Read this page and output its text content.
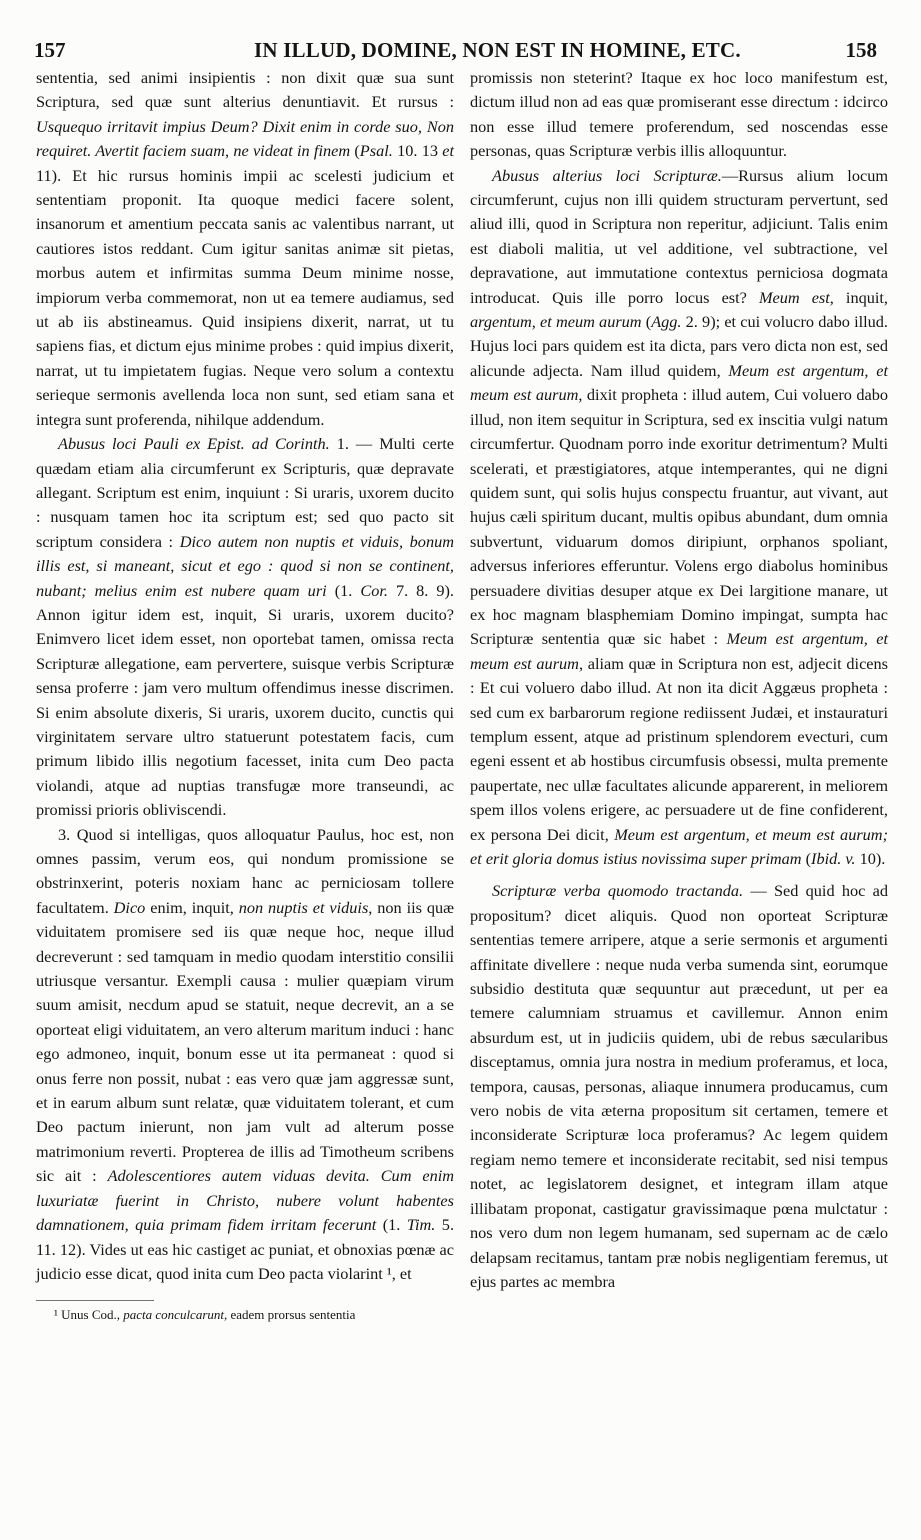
157	IN ILLUD, DOMINE, NON EST IN HOMINE, ETC.	158

sententia, sed animi insipientis : non dixit quæ sua sunt Scriptura, sed quæ sunt alterius denuntiavit. Et rursus : Usquequo irritavit impius Deum? Dixit enim in corde suo, Non requiret. Avertit faciem suam, ne videat in finem (Psal. 10. 13 et 11). Et hic rursus hominis impii ac scelesti judicium et sententiam proponit. Ita quoque medici facere solent, insanorum et amentium peccata sanis ac valentibus narrant, ut cautiores istos reddant. Cum igitur sanitas animæ sit pietas, morbus autem et infirmitas summa Deum minime nosse, impiorum verba commemorat, non ut ea temere audiamus, sed ut ab iis abstineamus. Quid insipiens dixerit, narrat, ut tu sapiens fias, et dictum ejus minime probes : quid impius dixerit, narrat, ut tu impietatem fugias. Neque vero solum a contextu serieque sermonis avellenda loca non sunt, sed etiam sana et integra sunt proferenda, nihilque addendum.

Abusus loci Pauli ex Epist. ad Corinth. 1. — Multi certe quædam etiam alia circumferunt ex Scripturis, quæ depravate allegant. Scriptum est enim, inquiunt : Si uraris, uxorem ducito : nusquam tamen hoc ita scriptum est; sed quo pacto sit scriptum considera : Dico autem non nuptis et viduis, bonum illis est, si maneant, sicut et ego : quod si non se continent, nubant; melius enim est nubere quam uri (1. Cor. 7. 8. 9). Annon igitur idem est, inquit, Si uraris, uxorem ducito? Enimvero licet idem esset, non oportebat tamen, omissa recta Scripturæ allegatione, eam pervertere, suisque verbis Scripturæ sensa proferre : jam vero multum offendimus inesse discrimen. Si enim absolute dixeris, Si uraris, uxorem ducito, cunctis qui virginitatem servare ultro statuerunt potestatem facis, cum primum libido illis negotium facesset, inita cum Deo pacta violandi, atque ad nuptias transfugæ more transeundi, ac promissi prioris obliviscendi.

3. Quod si intelligas, quos alloquatur Paulus, hoc est, non omnes passim, verum eos, qui nondum promissione se obstrinxerint, poteris noxiam hanc ac perniciosam tollere facultatem. Dico enim, inquit, non nuptis et viduis, non iis quæ viduitatem promisere sed iis quæ neque hoc, neque illud decreverunt : sed tamquam in medio quodam interstitio consilii utriusque versantur. Exempli causa : mulier quæpiam virum suum amisit, necdum apud se statuit, neque decrevit, an a se oporteat eligi viduitatem, an vero alterum maritum induci : hanc ego admoneo, inquit, bonum esse ut ita permaneat : quod si onus ferre non possit, nubat : eas vero quæ jam aggressæ sunt, et in earum album sunt relatæ, quæ viduitatem tolerant, et cum Deo pactum inierunt, non jam vult ad alterum posse matrimonium reverti. Propterea de illis ad Timotheum scribens sic ait : Adolescentiores autem viduas devita. Cum enim luxuriatæ fuerint in Christo, nubere volunt habentes damnationem, quia primam fidem irritam fecerunt (1. Tim. 5. 11. 12). Vides ut eas hic castiget ac puniat, et obnoxias pœnæ ac judicio esse dicat, quod inita cum Deo pacta violarint ¹, et

¹ Unus Cod., pacta conculcarunt, eadem prorsus sententia

promissis non steterint? Itaque ex hoc loco manifestum est, dictum illud non ad eas quæ promiserant esse directum : idcirco non esse illud temere proferendum, sed noscendas esse personas, quas Scripturæ verbis illis alloquuntur.

Abusus alterius loci Scripturæ.—Rursus alium locum circumferunt, cujus non illi quidem structuram pervertunt, sed aliud illi, quod in Scriptura non reperitur, adjiciunt. Talis enim est diaboli malitia, ut vel additione, vel subtractione, vel depravatione, aut immutatione contextus perniciosa dogmata introducat. Quis ille porro locus est? Meum est, inquit, argentum, et meum aurum (Agg. 2. 9); et cui volucro dabo illud. Hujus loci pars quidem est ita dicta, pars vero dicta non est, sed alicunde adjecta. Nam illud quidem, Meum est argentum, et meum est aurum, dixit propheta : illud autem, Cui voluero dabo illud, non item sequitur in Scriptura, sed ex inscitia vulgi natum circumfertur. Quodnam porro inde exoritur detrimentum? Multi scelerati, et præstigiatores, atque intemperantes, qui ne digni quidem sunt, qui solis hujus conspectu fruantur, aut vivant, aut hujus cæli spiritum ducant, multis opibus abundant, dum omnia subvertunt, viduarum domos diripiunt, orphanos spoliant, adversus inferiores efferuntur. Volens ergo diabolus hominibus persuadere divitias desuper atque ex Dei largitione manare, ut ex hoc magnam blasphemiam Domino impingat, sumpta hac Scripturæ sententia quæ sic habet : Meum est argentum, et meum est aurum, aliam quæ in Scriptura non est, adjecit dicens : Et cui voluero dabo illud. At non ita dicit Aggæus propheta : sed cum ex barbarorum regione rediissent Judæi, et instauraturi templum essent, atque ad pristinum splendorem evecturi, cum egeni essent et ab hostibus circumfusis obsessi, multa premente paupertate, nec ullæ facultates alicunde apparerent, in meliorem spem illos volens erigere, ac persuadere ut de fine confiderent, ex persona Dei dicit, Meum est argentum, et meum est aurum; et erit gloria domus istius novissima super primam (Ibid. v. 10).

Scripturæ verba quomodo tractanda. — Sed quid hoc ad propositum? dicet aliquis. Quod non oporteat Scripturæ sententias temere arripere, atque a serie sermonis et argumenti affinitate divellere : neque nuda verba sumenda sint, eorumque subsidio destituta quæ sequuntur aut præcedunt, ut per ea temere calumniam struamus et cavillemur. Annon enim absurdum est, ut in judiciis quidem, ubi de rebus sæcularibus disceptamus, omnia jura nostra in medium proferamus, et loca, tempora, causas, personas, aliaque innumera producamus, cum vero nobis de vita æterna propositum sit certamen, temere et inconsiderate Scripturæ loca proferamus? Ac legem quidem regiam nemo temere et inconsiderate recitabit, sed nisi tempus notet, ac legislatorem designet, et integram illam atque illibatam proponat, castigatur gravissimaque pœna mulctatur : nos vero dum non legem humanam, sed supernam ac de cælo delapsam recitamus, tantam præ nobis negligentiam feremus, ut ejus partes ac membra
